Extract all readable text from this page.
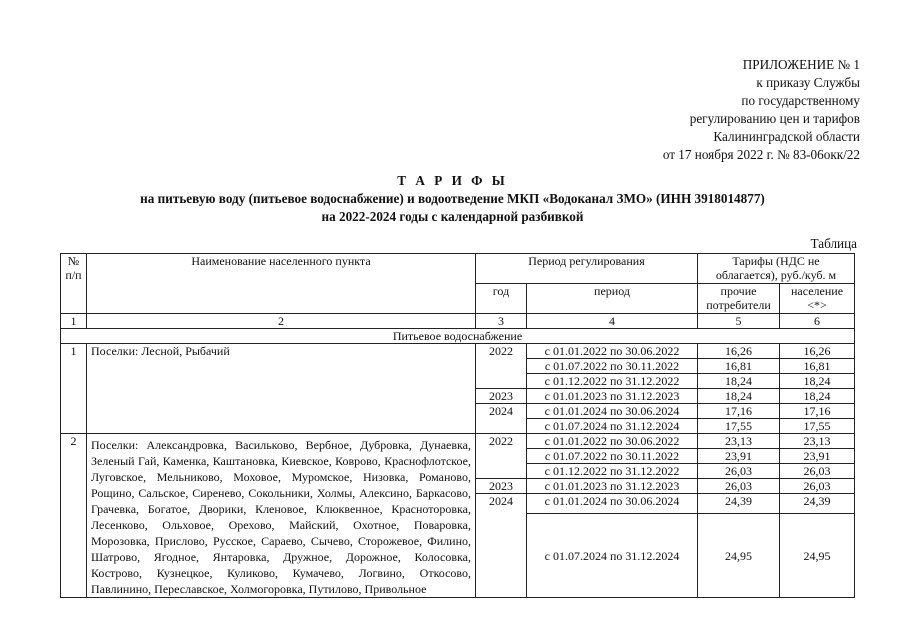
ПРИЛОЖЕНИЕ № 1
к приказу Службы
по государственному
регулированию цен и тарифов
Калининградской области
от 17 ноября 2022 г. № 83-06окк/22
Т А Р И Ф Ы
на питьевую воду (питьевое водоснабжение) и водоотведение МКП «Водоканал ЗМО» (ИНН 3918014877)
на 2022-2024 годы с календарной разбивкой
Таблица
№ п/п	Наименование населенного пункта	Период регулирования		Тарифы (НДС не облагается), руб./куб. м	
		год	период	прочие потребители	население <*>
1	2	3	4	5	6
Питьевое водоснабжение					
1	Поселки: Лесной, Рыбачий	2022	с 01.01.2022 по 30.06.2022	16,26	16,26
			с 01.07.2022 по 30.11.2022	16,81	16,81
			с 01.12.2022 по 31.12.2022	18,24	18,24
		2023	с 01.01.2023 по 31.12.2023	18,24	18,24
		2024	с 01.01.2024 по 30.06.2024	17,16	17,16
			с 01.07.2024 по 31.12.2024	17,55	17,55
2	Поселки: Александровка, Васильково, Вербное, Дубровка, Дунаевка, Зеленый Гай, Каменка, Каштановка, Киевское, Коврово, Краснофлотское, Луговское, Мельниково, Моховое, Муромское, Низовка, Романово, Рощино, Сальское, Сиренево, Сокольники, Холмы, Алексино, Баркасово, Грачевка, Богатое, Дворики, Кленовое, Клюквенное, Красноторовка, Лесенково, Ольховое, Орехово, Майский, Охотное, Поваровка, Морозовка, Прислово, Русское, Сараево, Сычево, Сторожевое, Филино, Шатрово, Ягодное, Янтаровка, Дружное, Дорожное, Колосовка, Кострово, Кузнецкое, Куликово, Кумачево, Логвино, Откосово, Павлинино, Переславское, Холмогоровка, Путилово, Привольное	2022	с 01.01.2022 по 30.06.2022	23,13	23,13
			с 01.07.2022 по 30.11.2022	23,91	23,91
			с 01.12.2022 по 31.12.2022	26,03	26,03
		2023	с 01.01.2023 по 31.12.2023	26,03	26,03
		2024	с 01.01.2024 по 30.06.2024	24,39	24,39
			с 01.07.2024 по 31.12.2024	24,95	24,95
